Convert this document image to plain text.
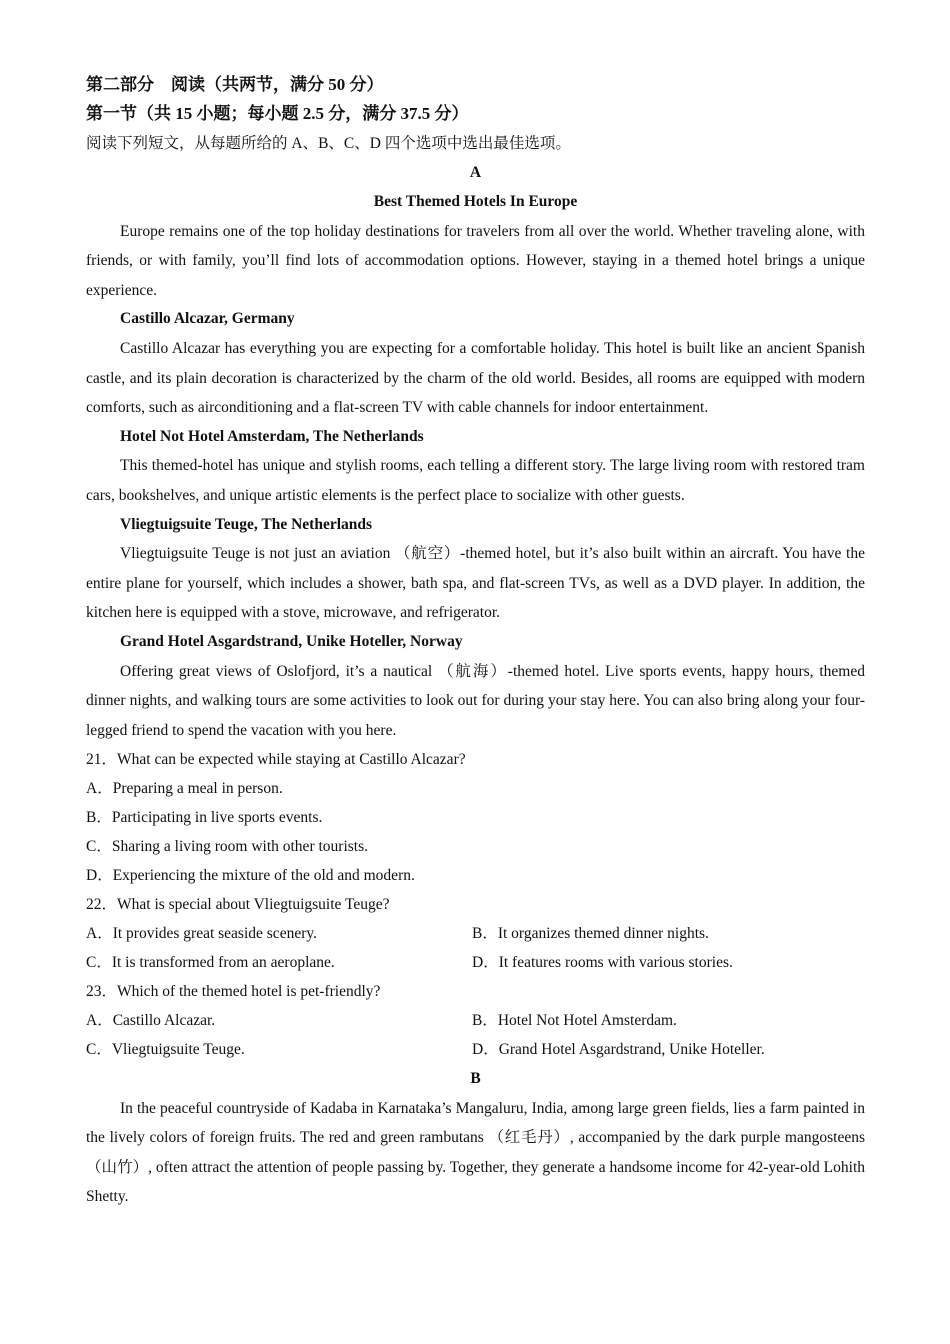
第二部分　阅读（共两节，满分 50 分）
第一节（共 15 小题；每小题 2.5 分，满分 37.5 分）
阅读下列短文，从每题所给的 A、B、C、D 四个选项中选出最佳选项。
A
Best Themed Hotels In Europe
Europe remains one of the top holiday destinations for travelers from all over the world. Whether traveling alone, with friends, or with family, you’ll find lots of accommodation options. However, staying in a themed hotel brings a unique experience.
Castillo Alcazar, Germany
Castillo Alcazar has everything you are expecting for a comfortable holiday. This hotel is built like an ancient Spanish castle, and its plain decoration is characterized by the charm of the old world. Besides, all rooms are equipped with modern comforts, such as airconditioning and a flat-screen TV with cable channels for indoor entertainment.
Hotel Not Hotel Amsterdam, The Netherlands
This themed-hotel has unique and stylish rooms, each telling a different story. The large living room with restored tram cars, bookshelves, and unique artistic elements is the perfect place to socialize with other guests.
Vliegtuigsuite Teuge, The Netherlands
Vliegtuigsuite Teuge is not just an aviation （航空）-themed hotel, but it’s also built within an aircraft. You have the entire plane for yourself, which includes a shower, bath spa, and flat-screen TVs, as well as a DVD player. In addition, the kitchen here is equipped with a stove, microwave, and refrigerator.
Grand Hotel Asgardstrand, Unike Hoteller, Norway
Offering great views of Oslofjord, it’s a nautical （航海）-themed hotel. Live sports events, happy hours, themed dinner nights, and walking tours are some activities to look out for during your stay here. You can also bring along your four-legged friend to spend the vacation with you here.
21．What can be expected while staying at Castillo Alcazar?
A．Preparing a meal in person.
B．Participating in live sports events.
C．Sharing a living room with other tourists.
D．Experiencing the mixture of the old and modern.
22．What is special about Vliegtuigsuite Teuge?
A．It provides great seaside scenery.	B．It organizes themed dinner nights.
C．It is transformed from an aeroplane.	D．It features rooms with various stories.
23．Which of the themed hotel is pet-friendly?
A．Castillo Alcazar.	B．Hotel Not Hotel Amsterdam.
C．Vliegtuigsuite Teuge.	D．Grand Hotel Asgardstrand, Unike Hoteller.
B
In the peaceful countryside of Kadaba in Karnataka’s Mangaluru, India, among large green fields, lies a farm painted in the lively colors of foreign fruits. The red and green rambutans （红毛丹）, accompanied by the dark purple mangosteens （山竹）, often attract the attention of people passing by. Together, they generate a handsome income for 42-year-old Lohith Shetty.
